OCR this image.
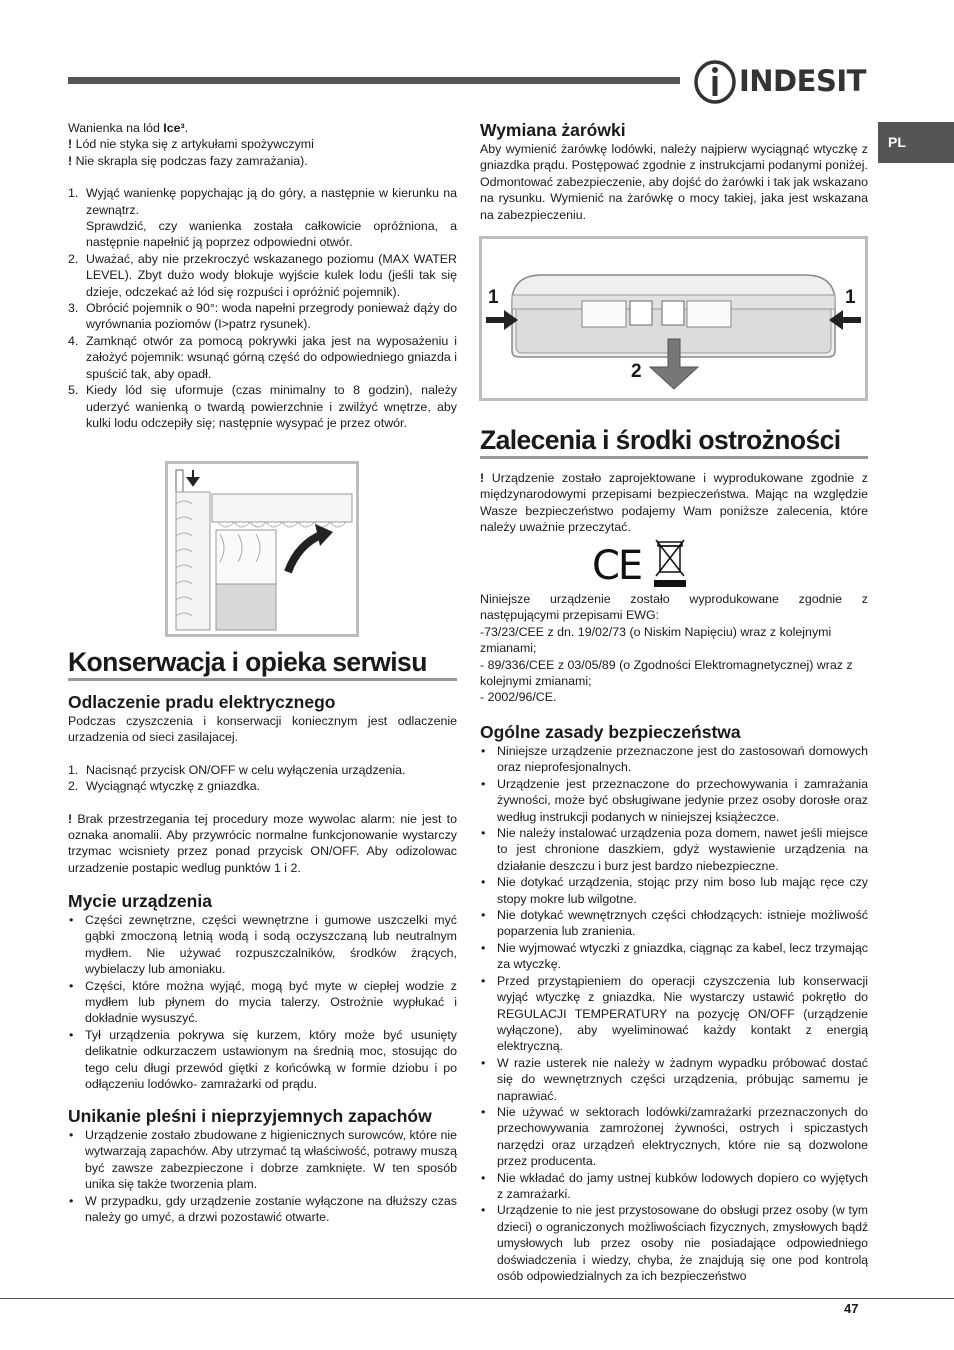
INDESIT
PL
Wanienka na lód Ice³.
! Lód nie styka się z artykułami spożywczymi
! Nie skrapla się podczas fazy zamrażania).
1. Wyjąć wanienkę popychając ją do góry, a następnie w kierunku na zewnątrz.
Sprawdzić, czy wanienka została całkowicie opróżniona, a następnie napełnić ją poprzez odpowiedni otwór.
2. Uważać, aby nie przekroczyć wskazanego poziomu (MAX WATER LEVEL). Zbyt dużo wody blokuje wyjście kulek lodu (jeśli tak się dzieje, odczekać aż lód się rozpuści i opróżnić pojemnik).
3. Obrócić pojemnik o 90°: woda napełni przegrody ponieważ dąży do wyrównania poziomów (I>patrz rysunek).
4. Zamknąć otwór za pomocą pokrywki jaka jest na wyposażeniu i założyć pojemnik: wsunąć górną część do odpowiedniego gniazda i spuścić tak, aby opadł.
5. Kiedy lód się uformuje (czas minimalny to 8 godzin), należy uderzyć wanienką o twardą powierzchnie i zwilżyć wnętrze, aby kulki lodu odczepiły się; następnie wysypać je przez otwór.
Konserwacja i opieka serwisu
Odlaczenie pradu elektrycznego
Podczas czyszczenia i konserwacji koniecznym jest odlaczenie urzadzenia od sieci zasilajacej.
1. Nacisnąć przycisk ON/OFF w celu wyłączenia urządzenia.
2. Wyciągnąć wtyczkę z gniazdka.
! Brak przestrzegania tej procedury moze wywolac alarm: nie jest to oznaka anomalii. Aby przywrócic normalne funkcjonowanie wystarczy trzymac wcisniety przez ponad przycisk ON/OFF. Aby odizolowac urzadzenie postapic wedlug punktów 1 i 2.
Mycie urządzenia
• Części zewnętrzne, części wewnętrzne i gumowe uszczelki myć gąbki zmoczoną letnią wodą i sodą oczyszczaną lub neutralnym mydłem. Nie używać rozpuszczalników, środków żrących, wybielaczy lub amoniaku.
• Części, które można wyjąć, mogą być myte w ciepłej wodzie z mydłem lub płynem do mycia talerzy. Ostrożnie wypłukać i dokładnie wysuszyć.
• Tył urządzenia pokrywa się kurzem, który może być usunięty delikatnie odkurzaczem ustawionym na średnią moc, stosując do tego celu długi przewód giętki z końcówką w formie dziobu i po odłączeniu lodówko- zamrażarki od prądu.
Unikanie pleśni i nieprzyjemnych zapachów
• Urządzenie zostało zbudowane z higienicznych surowców, które nie wytwarzają zapachów. Aby utrzymać tą właściwość, potrawy muszą być zawsze zabezpieczone i dobrze zamknięte. W ten sposób unika się także tworzenia plam.
• W przypadku, gdy urządzenie zostanie wyłączone na dłuższy czas należy go umyć, a drzwi pozostawić otwarte.
Wymiana żarówki
Aby wymienić żarówkę lodówki, należy najpierw wyciągnąć wtyczkę z gniazdka prądu. Postępować zgodnie z instrukcjami podanymi poniżej. Odmontować zabezpieczenie, aby dojść do żarówki i tak jak wskazano na rysunku. Wymienić na żarówkę o mocy takiej, jaka jest wskazana na zabezpieczeniu.
1	1
2
Zalecenia i środki ostrożności
! Urządzenie zostało zaprojektowane i wyprodukowane zgodnie z międzynarodowymi przepisami bezpieczeństwa. Mając na względzie Wasze bezpieczeństwo podajemy Wam poniższe zalecenia, które należy uważnie przeczytać.
CE
Niniejsze urządzenie zostało wyprodukowane zgodnie z następującymi przepisami EWG:
-73/23/CEE z dn. 19/02/73 (o Niskim Napięciu) wraz z kolejnymi zmianami;
- 89/336/CEE z 03/05/89 (o Zgodności Elektromagnetycznej) wraz z kolejnymi zmianami;
- 2002/96/CE.
Ogólne zasady bezpieczeństwa
• Niniejsze urządzenie przeznaczone jest do zastosowań domowych oraz nieprofesjonalnych.
• Urządzenie jest przeznaczone do przechowywania i zamrażania żywności, może być obsługiwane jedynie przez osoby dorosłe oraz według instrukcji podanych w niniejszej książeczce.
• Nie należy instalować urządzenia poza domem, nawet jeśli miejsce to jest chronione daszkiem, gdyż wystawienie urządzenia na działanie deszczu i burz jest bardzo niebezpieczne.
• Nie dotykać urządzenia, stojąc przy nim boso lub mając ręce czy stopy mokre lub wilgotne.
• Nie dotykać wewnętrznych części chłodzących: istnieje możliwość poparzenia lub zranienia.
• Nie wyjmować wtyczki z gniazdka, ciągnąc za kabel, lecz trzymając za wtyczkę.
• Przed przystąpieniem do operacji czyszczenia lub konserwacji wyjąć wtyczkę z gniazdka. Nie wystarczy ustawić pokrętło do REGULACJI TEMPERATURY na pozycję ON/OFF (urządzenie wyłączone), aby wyeliminować każdy kontakt z energią elektryczną.
• W razie usterek nie należy w żadnym wypadku próbować dostać się do wewnętrznych części urządzenia, próbując samemu je naprawiać.
• Nie używać w sektorach lodówki/zamrażarki przeznaczonych do przechowywania zamrożonej żywności, ostrych i spiczastych narzędzi oraz urządzeń elektrycznych, które nie są dozwolone przez producenta.
• Nie wkładać do jamy ustnej kubków lodowych dopiero co wyjętych z zamrażarki.
• Urządzenie to nie jest przystosowane do obsługi przez osoby (w tym dzieci) o ograniczonych możliwościach fizycznych, zmysłowych bądź umysłowych lub przez osoby nie posiadające odpowiedniego doświadczenia i wiedzy, chyba, że znajdują się one pod kontrolą osób odpowiedzialnych za ich bezpieczeństwo
47
